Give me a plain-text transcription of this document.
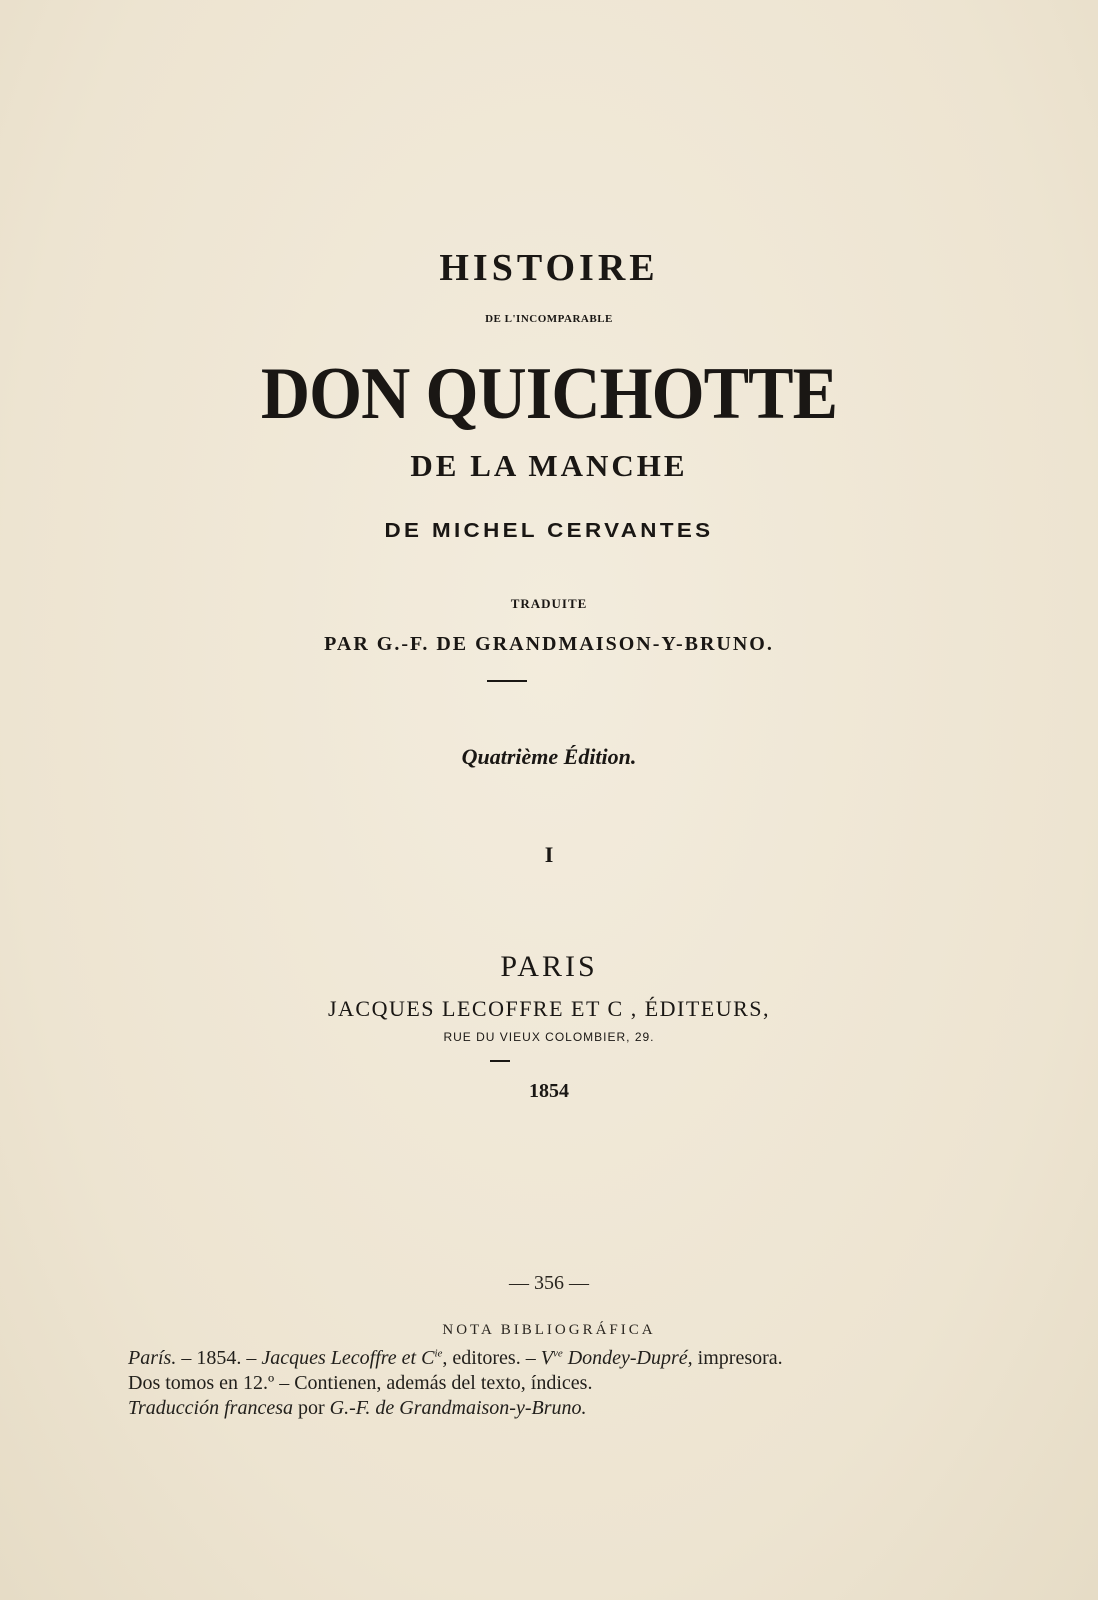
HISTOIRE
DE L'INCOMPARABLE
DON QUICHOTTE
DE LA MANCHE
DE MICHEL CERVANTES
TRADUITE
PAR G.-F. DE GRANDMAISON-Y-BRUNO.
Quatrième Édition.
I
PARIS
JACQUES LECOFFRE ET C , ÉDITEURS,
RUE DU VIEUX COLOMBIER, 29.
1854
— 356 —
NOTA BIBLIOGRÁFICA
París. – 1854. – Jacques Lecoffre et $C^{ie}$, editores. – $V^{ve}$ Dondey-Dupré, impresora.
Dos tomos en 12.º – Contienen, además del texto, índices.
Traducción francesa por G.-F. de Grandmaison-y-Bruno.
